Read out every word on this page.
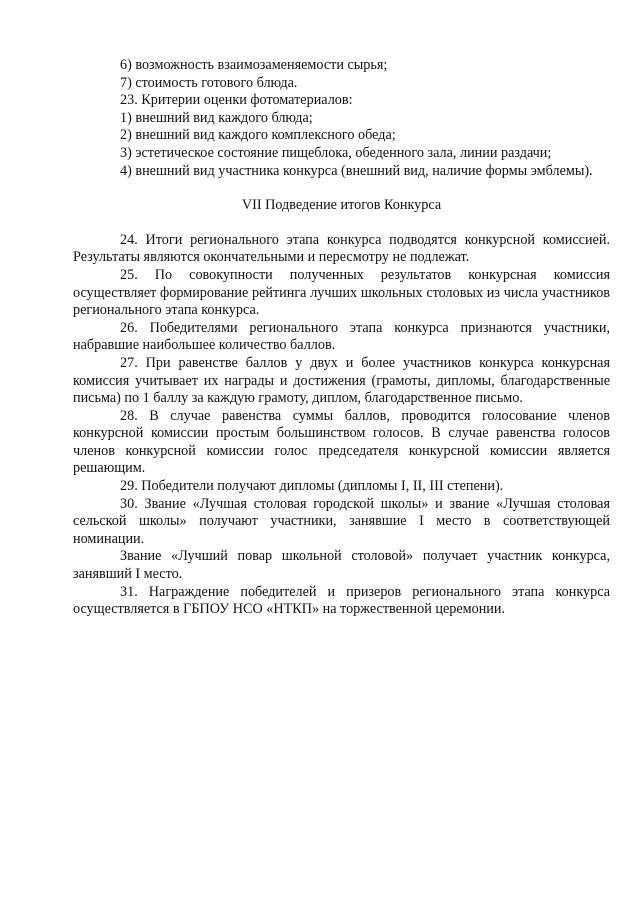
6) возможность взаимозаменяемости сырья;

7) стоимость готового блюда.

23. Критерии оценки фотоматериалов:

1) внешний вид каждого блюда;

2) внешний вид каждого комплексного обеда;

3) эстетическое состояние пищеблока, обеденного зала, линии раздачи;

4) внешний вид участника конкурса (внешний вид, наличие формы эмблемы).

VII Подведение итогов Конкурса

24. Итоги регионального этапа конкурса подводятся конкурсной комиссией. Результаты являются окончательными и пересмотру не подлежат.

25. По совокупности полученных результатов конкурсная комиссия осуществляет формирование рейтинга лучших школьных столовых из числа участников регионального этапа конкурса.

26. Победителями регионального этапа конкурса признаются участники, набравшие наибольшее количество баллов.

27. При равенстве баллов у двух и более участников конкурса конкурсная комиссия учитывает их награды и достижения (грамоты, дипломы, благодарственные письма) по 1 баллу за каждую грамоту, диплом, благодарственное письмо.

28. В случае равенства суммы баллов, проводится голосование членов конкурсной комиссии простым большинством голосов. В случае равенства голосов членов конкурсной комиссии голос председателя конкурсной комиссии является решающим.

29. Победители получают дипломы (дипломы I, II, III степени).

30. Звание «Лучшая столовая городской школы» и звание «Лучшая столовая сельской школы» получают участники, занявшие I место в соответствующей номинации.

Звание «Лучший повар школьной столовой» получает участник конкурса, занявший I место.

31. Награждение победителей и призеров регионального этапа конкурса осуществляется в ГБПОУ НСО «НТКП» на торжественной церемонии.
